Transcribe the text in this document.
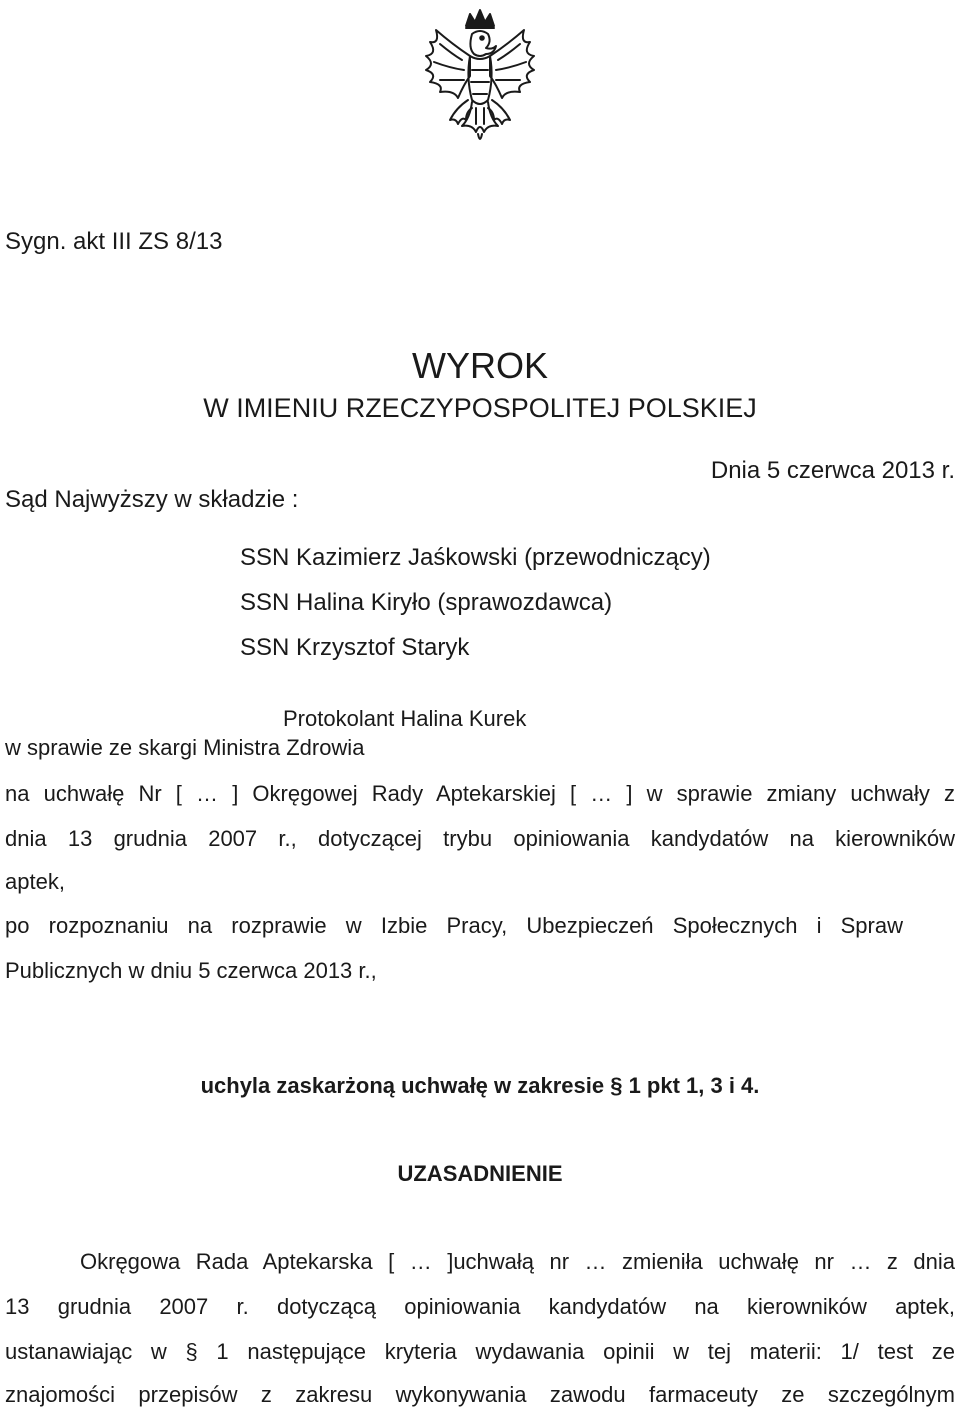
Sygn. akt III ZS 8/13
WYROK
W IMIENIU RZECZYPOSPOLITEJ POLSKIEJ
Dnia 5 czerwca 2013 r.
Sąd Najwyższy w składzie :
SSN Kazimierz Jaśkowski (przewodniczący)
SSN Halina Kiryło (sprawozdawca)
SSN Krzysztof Staryk
Protokolant Halina Kurek
w sprawie ze skargi Ministra Zdrowia
na uchwałę Nr [ … ] Okręgowej Rady Aptekarskiej [ … ] w sprawie zmiany uchwały z
dnia 13 grudnia 2007 r., dotyczącej trybu opiniowania kandydatów na kierowników
aptek,
po rozpoznaniu na rozprawie w Izbie Pracy, Ubezpieczeń Społecznych i Spraw
Publicznych w dniu 5 czerwca 2013 r.,
uchyla zaskarżoną uchwałę w zakresie § 1 pkt 1, 3 i 4.
UZASADNIENIE
Okręgowa Rada Aptekarska [ … ]uchwałą nr … zmieniła uchwałę nr … z dnia
13 grudnia 2007 r. dotyczącą opiniowania kandydatów na kierowników aptek,
ustanawiając w § 1 następujące kryteria wydawania opinii w tej materii: 1/ test ze
znajomości przepisów z zakresu wykonywania zawodu farmaceuty ze szczególnym
